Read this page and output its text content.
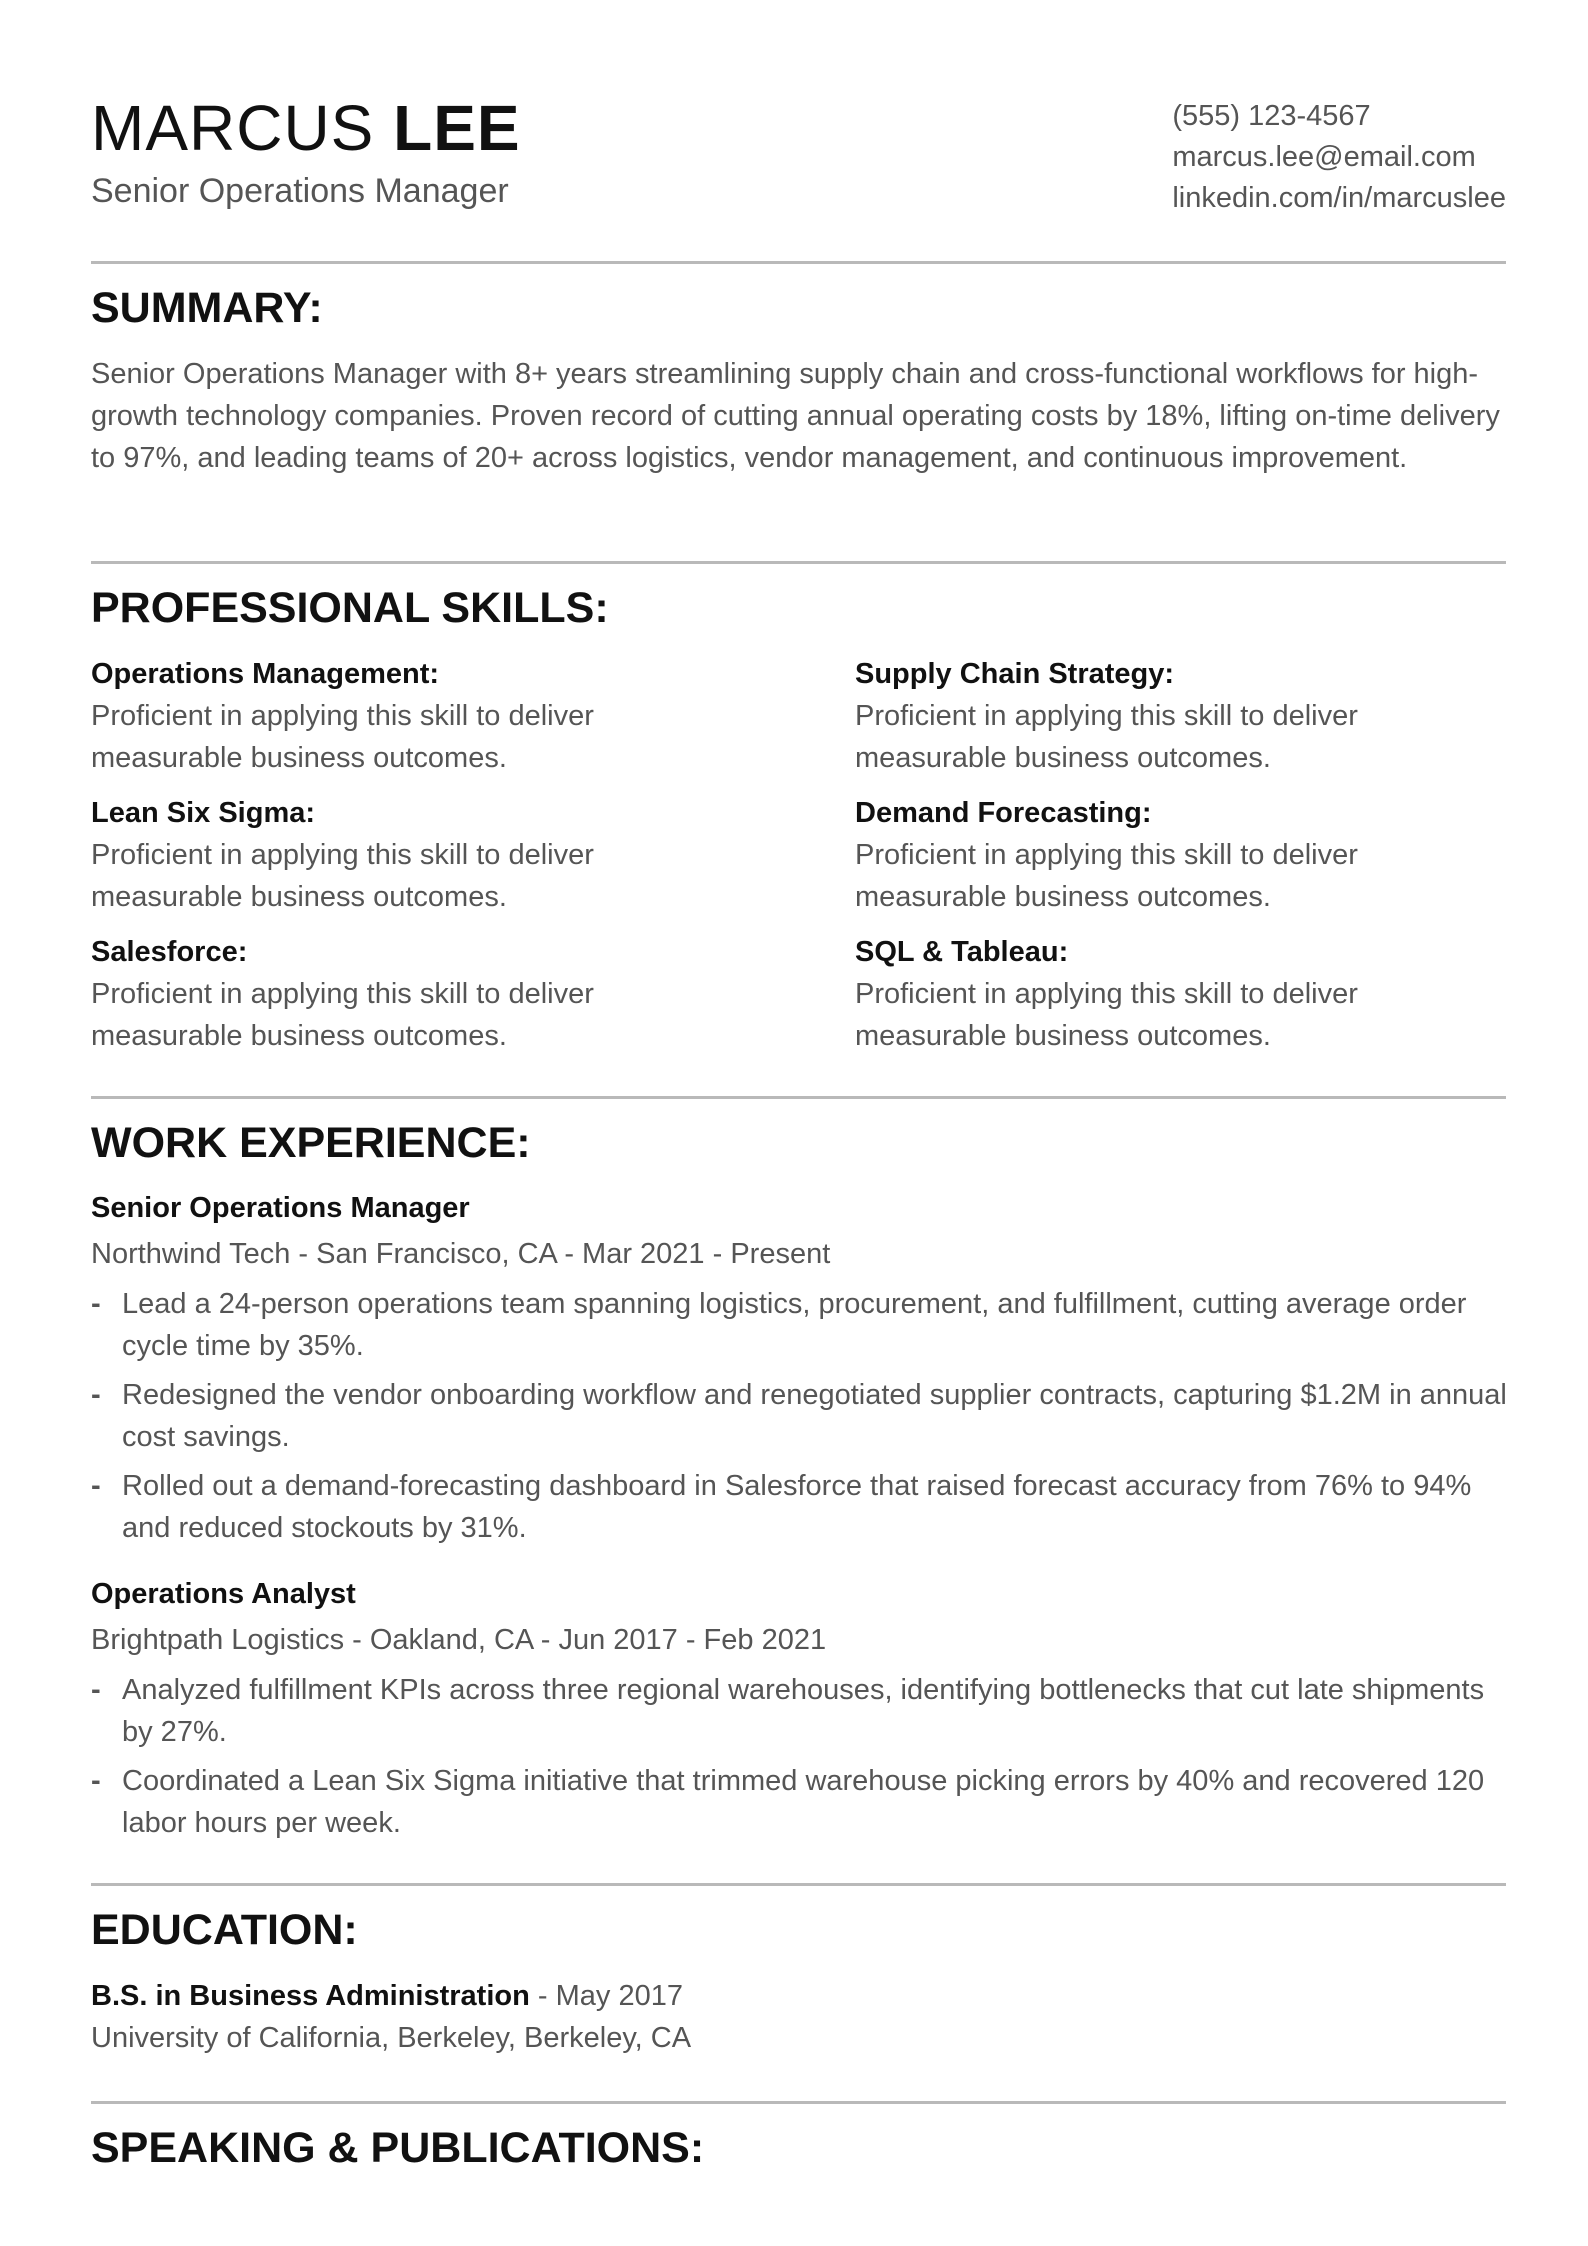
MARCUS LEE
Senior Operations Manager
(555) 123-4567
marcus.lee@email.com
linkedin.com/in/marcuslee
SUMMARY:
Senior Operations Manager with 8+ years streamlining supply chain and cross-functional workflows for high-growth technology companies. Proven record of cutting annual operating costs by 18%, lifting on-time delivery to 97%, and leading teams of 20+ across logistics, vendor management, and continuous improvement.
PROFESSIONAL SKILLS:
Operations Management:
Proficient in applying this skill to deliver measurable business outcomes.
Supply Chain Strategy:
Proficient in applying this skill to deliver measurable business outcomes.
Lean Six Sigma:
Proficient in applying this skill to deliver measurable business outcomes.
Demand Forecasting:
Proficient in applying this skill to deliver measurable business outcomes.
Salesforce:
Proficient in applying this skill to deliver measurable business outcomes.
SQL & Tableau:
Proficient in applying this skill to deliver measurable business outcomes.
WORK EXPERIENCE:
Senior Operations Manager
Northwind Tech - San Francisco, CA - Mar 2021 - Present
- Lead a 24-person operations team spanning logistics, procurement, and fulfillment, cutting average order cycle time by 35%.
- Redesigned the vendor onboarding workflow and renegotiated supplier contracts, capturing $1.2M in annual cost savings.
- Rolled out a demand-forecasting dashboard in Salesforce that raised forecast accuracy from 76% to 94% and reduced stockouts by 31%.
Operations Analyst
Brightpath Logistics - Oakland, CA - Jun 2017 - Feb 2021
- Analyzed fulfillment KPIs across three regional warehouses, identifying bottlenecks that cut late shipments by 27%.
- Coordinated a Lean Six Sigma initiative that trimmed warehouse picking errors by 40% and recovered 120 labor hours per week.
EDUCATION:
B.S. in Business Administration - May 2017
University of California, Berkeley, Berkeley, CA
SPEAKING & PUBLICATIONS:
